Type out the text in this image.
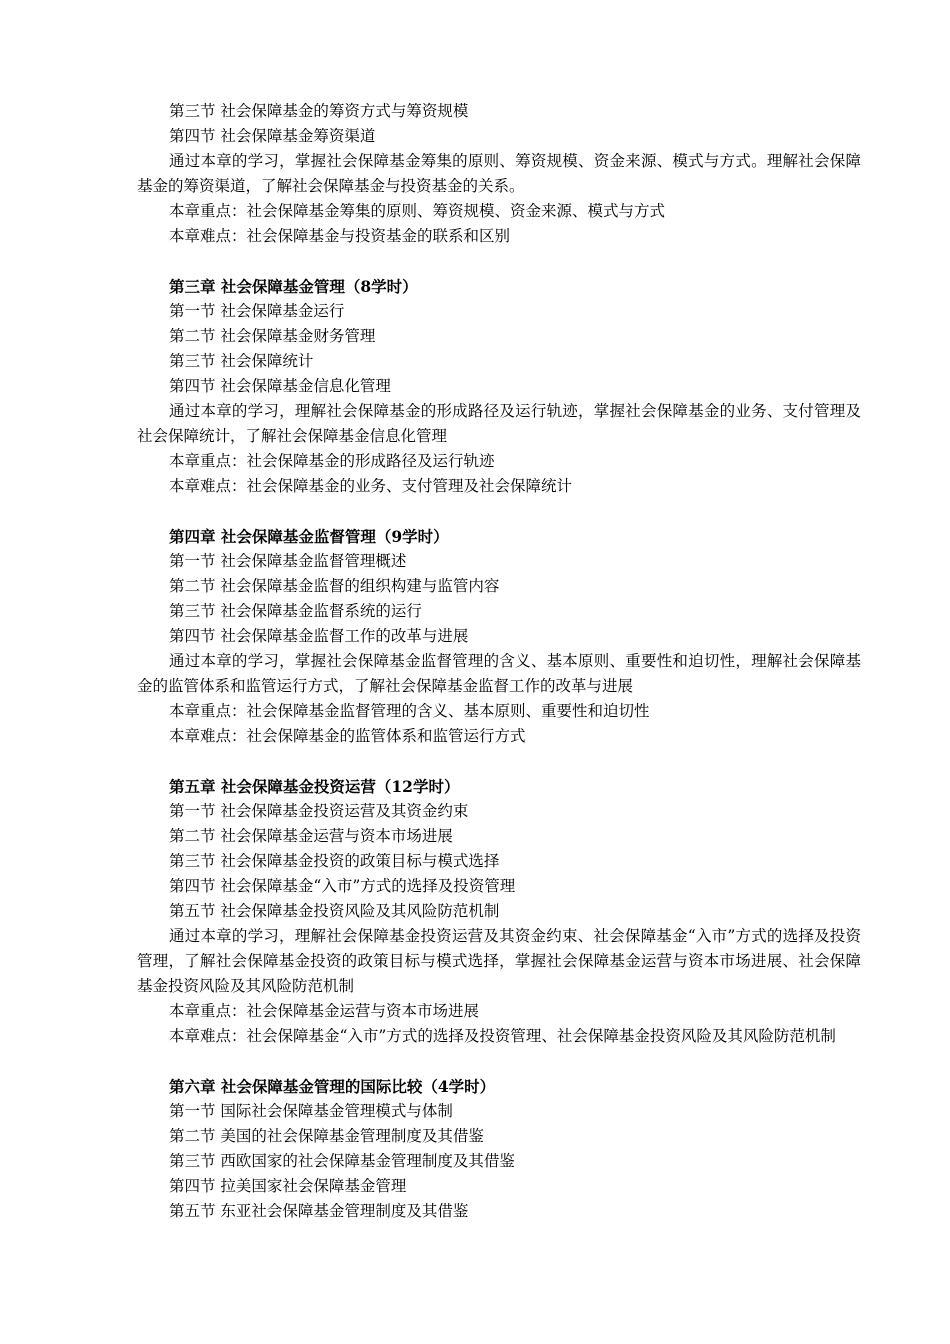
第三节 社会保障基金的筹资方式与筹资规模
第四节 社会保障基金筹资渠道

通过本章的学习，掌握社会保障基金筹集的原则、筹资规模、资金来源、模式与方式。理解社会保障基金的筹资渠道，了解社会保障基金与投资基金的关系。

本章重点：社会保障基金筹集的原则、筹资规模、资金来源、模式与方式
本章难点：社会保障基金与投资基金的联系和区别
第三章 社会保障基金管理（8学时）
第一节 社会保障基金运行
第二节 社会保障基金财务管理
第三节 社会保障统计
第四节 社会保障基金信息化管理

通过本章的学习，理解社会保障基金的形成路径及运行轨迹，掌握社会保障基金的业务、支付管理及社会保障统计，了解社会保障基金信息化管理

本章重点：社会保障基金的形成路径及运行轨迹
本章难点：社会保障基金的业务、支付管理及社会保障统计
第四章 社会保障基金监督管理（9学时）
第一节 社会保障基金监督管理概述
第二节 社会保障基金监督的组织构建与监管内容
第三节 社会保障基金监督系统的运行
第四节 社会保障基金监督工作的改革与进展

通过本章的学习，掌握社会保障基金监督管理的含义、基本原则、重要性和迫切性，理解社会保障基金的监管体系和监管运行方式，了解社会保障基金监督工作的改革与进展

本章重点：社会保障基金监督管理的含义、基本原则、重要性和迫切性
本章难点：社会保障基金的监管体系和监管运行方式
第五章 社会保障基金投资运营（12学时）
第一节 社会保障基金投资运营及其资金约束
第二节 社会保障基金运营与资本市场进展
第三节 社会保障基金投资的政策目标与模式选择
第四节 社会保障基金“入市”方式的选择及投资管理
第五节 社会保障基金投资风险及其风险防范机制

通过本章的学习，理解社会保障基金投资运营及其资金约束、社会保障基金“入市”方式的选择及投资管理，了解社会保障基金投资的政策目标与模式选择，掌握社会保障基金运营与资本市场进展、社会保障基金投资风险及其风险防范机制

本章重点：社会保障基金运营与资本市场进展

本章难点：社会保障基金“入市”方式的选择及投资管理、社会保障基金投资风险及其风险防范机制

第六章 社会保障基金管理的国际比较（4学时）
第一节 国际社会保障基金管理模式与体制
第二节 美国的社会保障基金管理制度及其借鉴
第三节 西欧国家的社会保障基金管理制度及其借鉴
第四节 拉美国家社会保障基金管理
第五节 东亚社会保障基金管理制度及其借鉴
